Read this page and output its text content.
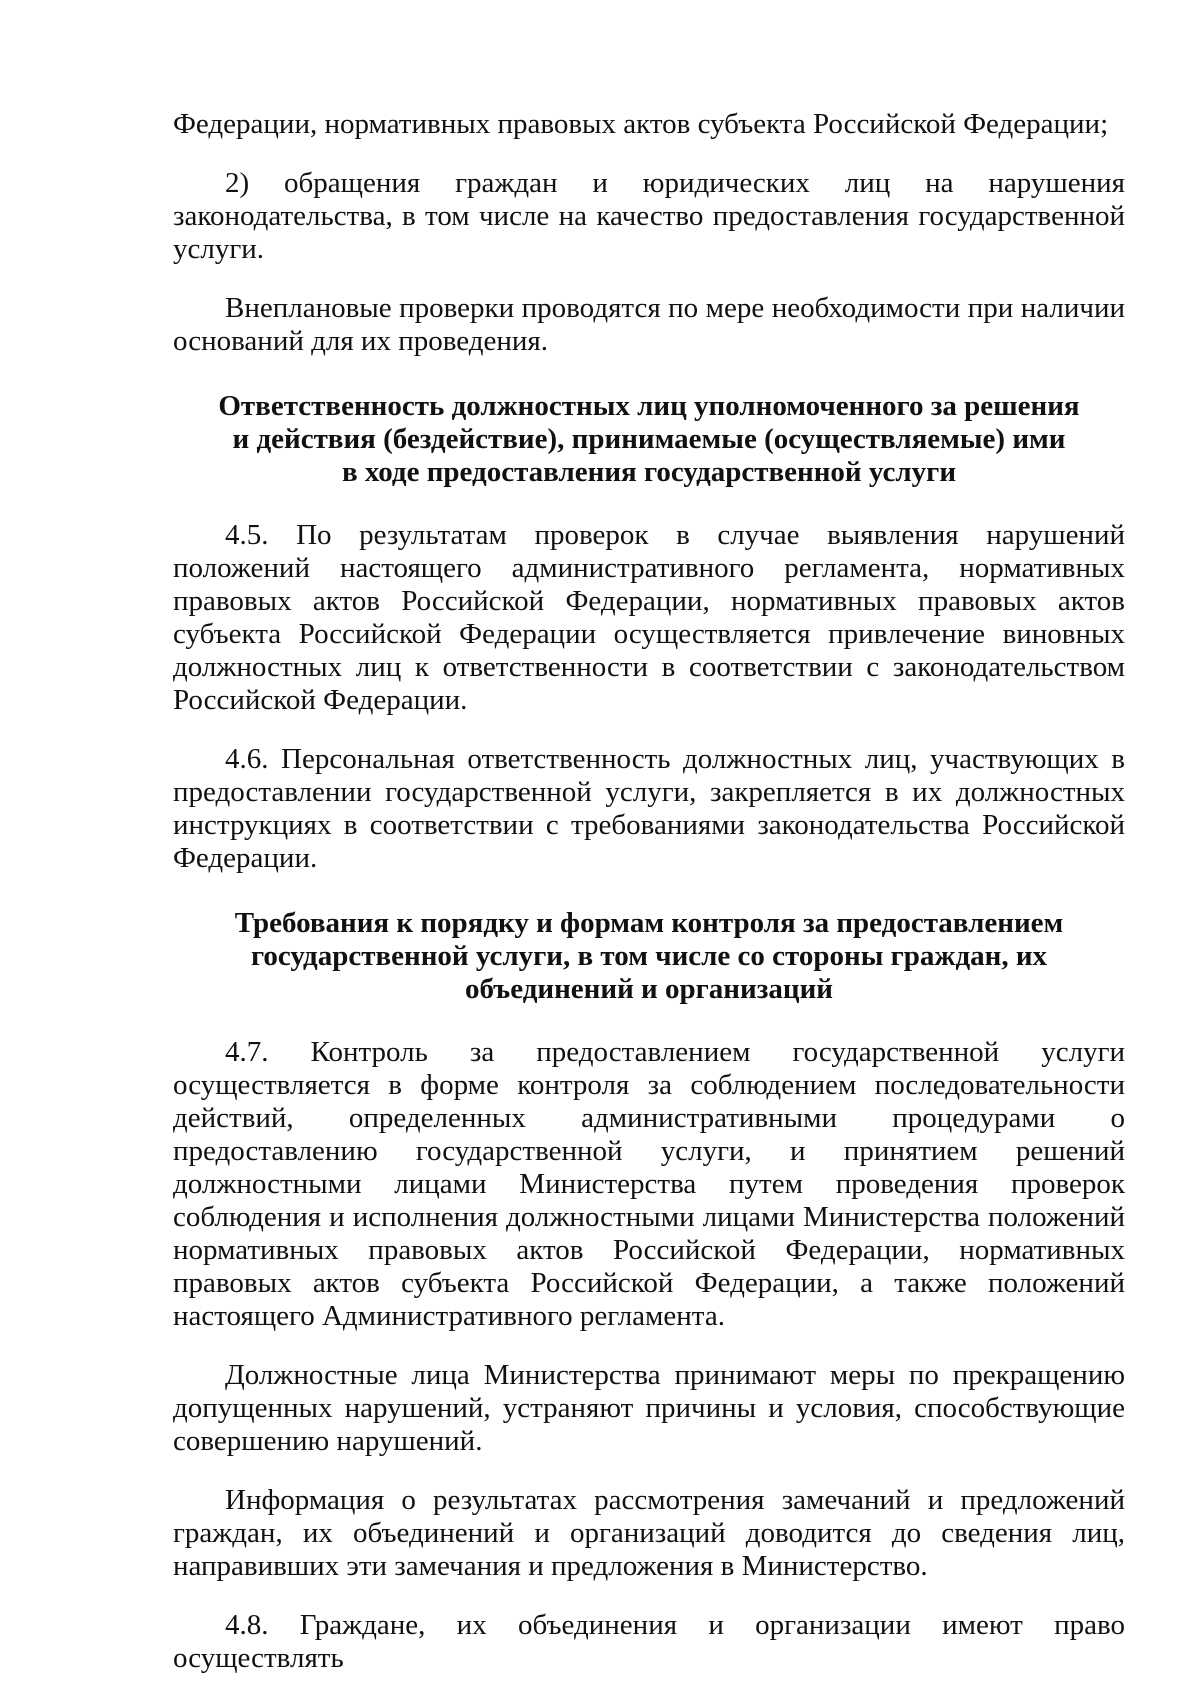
Федерации, нормативных правовых актов субъекта Российской Федерации;

2) обращения граждан и юридических лиц на нарушения законодательства, в том числе на качество предоставления государственной услуги.

Внеплановые проверки проводятся по мере необходимости при наличии оснований для их проведения.

Ответственность должностных лиц уполномоченного за решения
и действия (бездействие), принимаемые (осуществляемые) ими
в ходе предоставления государственной услуги

4.5. По результатам проверок в случае выявления нарушений положений настоящего административного регламента, нормативных правовых актов Российской Федерации, нормативных правовых актов субъекта Российской Федерации осуществляется привлечение виновных должностных лиц к ответственности в соответствии с законодательством Российской Федерации.

4.6. Персональная ответственность должностных лиц, участвующих в предоставлении государственной услуги, закрепляется в их должностных инструкциях в соответствии с требованиями законодательства Российской Федерации.

Требования к порядку и формам контроля за предоставлением
государственной услуги, в том числе со стороны граждан, их
объединений и организаций

4.7. Контроль за предоставлением государственной услуги осуществляется в форме контроля за соблюдением последовательности действий, определенных административными процедурами о предоставлению государственной услуги, и принятием решений должностными лицами Министерства путем проведения проверок соблюдения и исполнения должностными лицами Министерства положений нормативных правовых актов Российской Федерации, нормативных правовых актов субъекта Российской Федерации, а также положений настоящего Административного регламента.

Должностные лица Министерства принимают меры по прекращению допущенных нарушений, устраняют причины и условия, способствующие совершению нарушений.

Информация о результатах рассмотрения замечаний и предложений граждан, их объединений и организаций доводится до сведения лиц, направивших эти замечания и предложения в Министерство.

4.8. Граждане, их объединения и организации имеют право осуществлять
